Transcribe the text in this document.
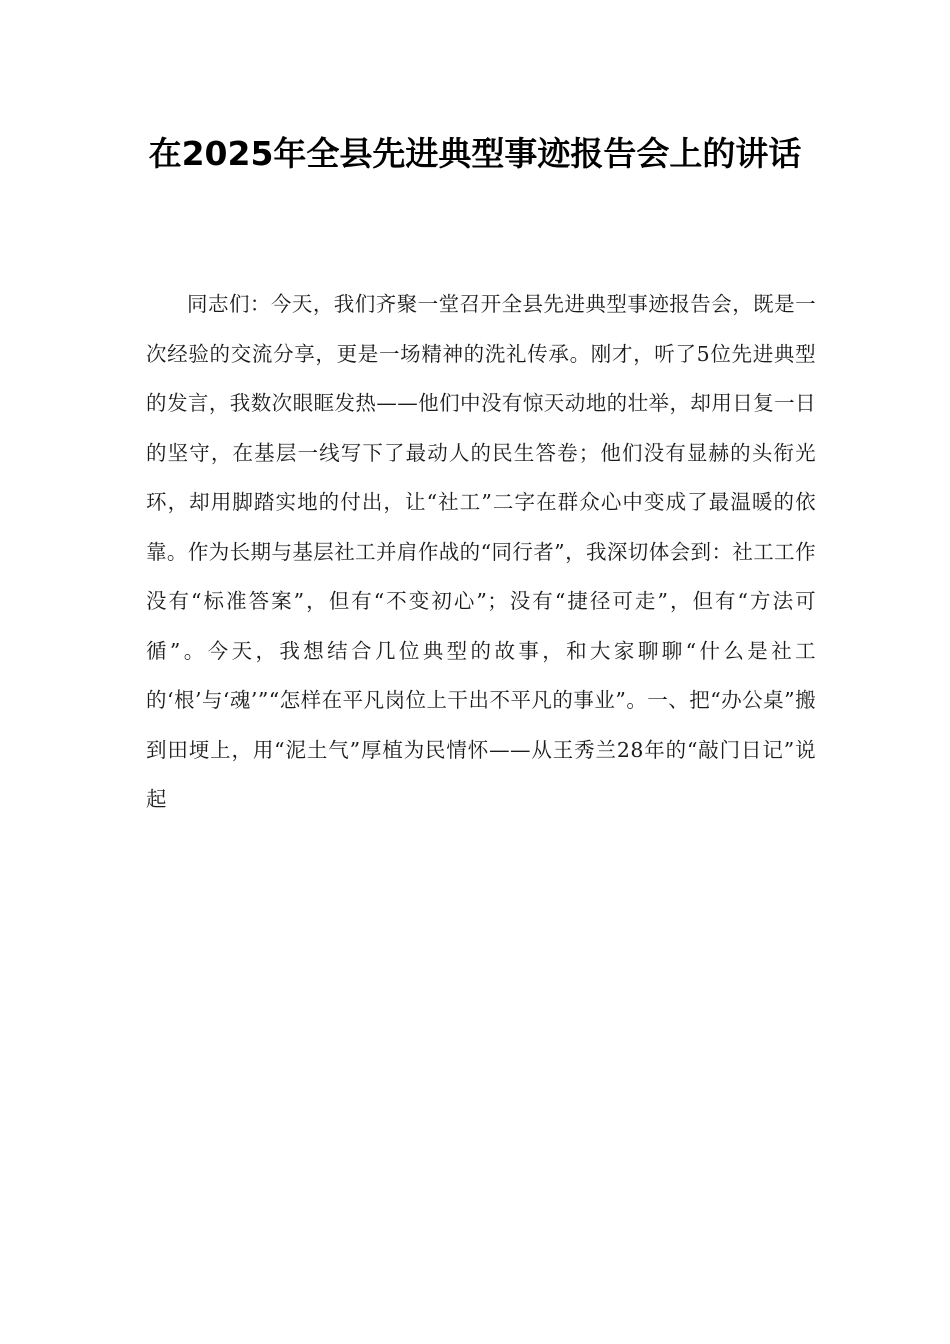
在2025年全县先进典型事迹报告会上的讲话

同志们：今天，我们齐聚一堂召开全县先进典型事迹报告会，既是一次经验的交流分享，更是一场精神的洗礼传承。刚才，听了5位先进典型的发言，我数次眼眶发热——他们中没有惊天动地的壮举，却用日复一日的坚守，在基层一线写下了最动人的民生答卷；他们没有显赫的头衔光环，却用脚踏实地的付出，让“社工”二字在群众心中变成了最温暖的依靠。作为长期与基层社工并肩作战的“同行者”，我深切体会到：社工工作没有“标准答案”，但有“不变初心”；没有“捷径可走”，但有“方法可循”。今天，我想结合几位典型的故事，和大家聊聊“什么是社工的‘根’与‘魂’”“怎样在平凡岗位上干出不平凡的事业”。一、把“办公桌”搬到田埂上，用“泥土气”厚植为民情怀——从王秀兰28年的“敲门日记”说起
